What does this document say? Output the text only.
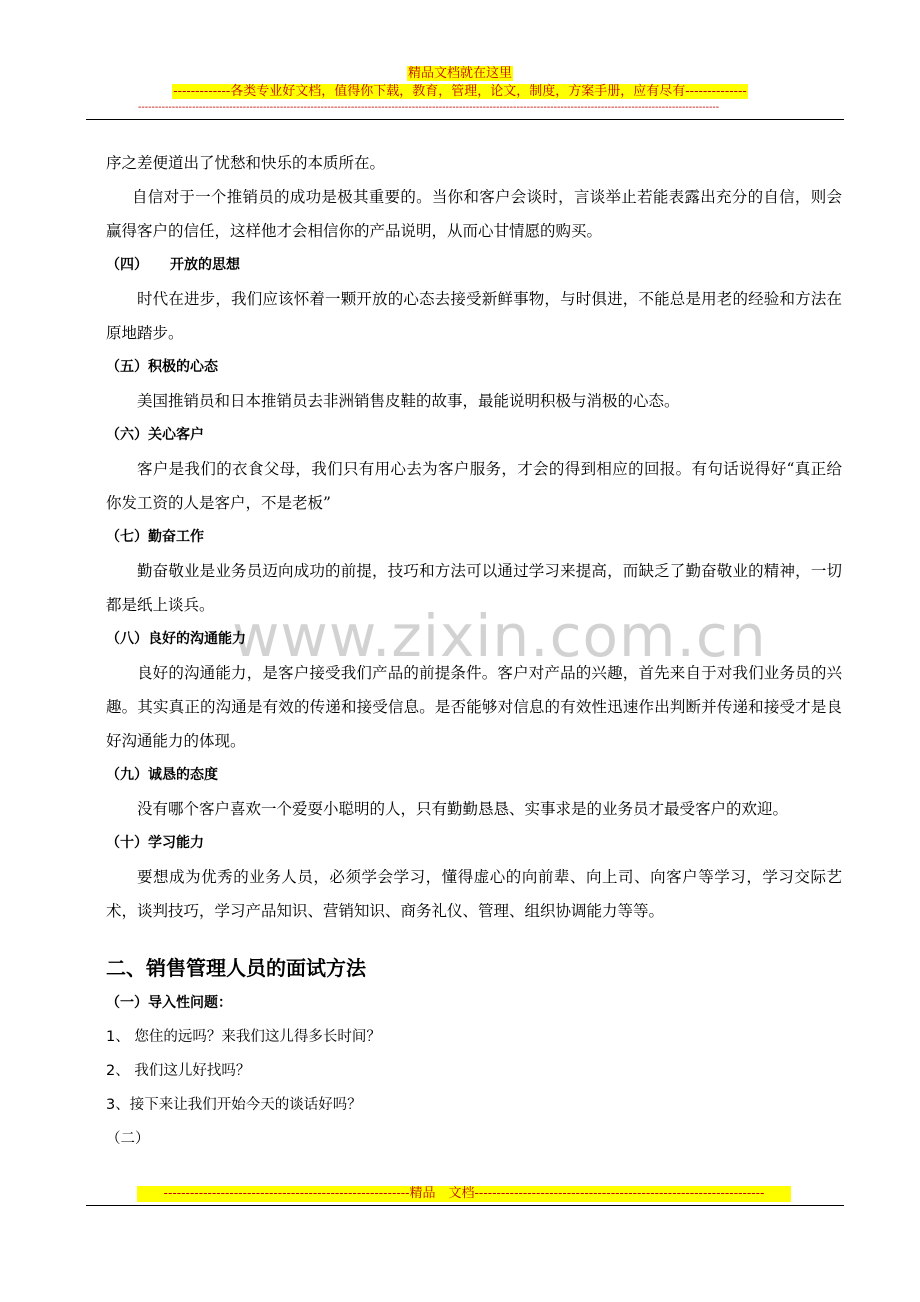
精品文档就在这里
-------------各类专业好文档，值得你下载，教育，管理，论文，制度，方案手册，应有尽有--------------
----------------------------------------------------------------------------------------------------------------------------------------------------------------------------
www.zixin.com.cn

序之差便道出了忧愁和快乐的本质所在。

自信对于一个推销员的成功是极其重要的。当你和客户会谈时，言谈举止若能表露出充分的自信，则会赢得客户的信任，这样他才会相信你的产品说明，从而心甘情愿的购买。

（四） 开放的思想

时代在进步，我们应该怀着一颗开放的心态去接受新鲜事物，与时俱进，不能总是用老的经验和方法在原地踏步。

（五）积极的心态

美国推销员和日本推销员去非洲销售皮鞋的故事，最能说明积极与消极的心态。

（六）关心客户

客户是我们的衣食父母，我们只有用心去为客户服务，才会的得到相应的回报。有句话说得好“真正给你发工资的人是客户，不是老板”

（七）勤奋工作

勤奋敬业是业务员迈向成功的前提，技巧和方法可以通过学习来提高，而缺乏了勤奋敬业的精神，一切都是纸上谈兵。

（八）良好的沟通能力

良好的沟通能力，是客户接受我们产品的前提条件。客户对产品的兴趣，首先来自于对我们业务员的兴趣。其实真正的沟通是有效的传递和接受信息。是否能够对信息的有效性迅速作出判断并传递和接受才是良好沟通能力的体现。

（九）诚恳的态度

没有哪个客户喜欢一个爱耍小聪明的人，只有勤勤恳恳、实事求是的业务员才最受客户的欢迎。

（十）学习能力

要想成为优秀的业务人员，必须学会学习，懂得虚心的向前辈、向上司、向客户等学习，学习交际艺术，谈判技巧，学习产品知识、营销知识、商务礼仪、管理、组织协调能力等等。

二、销售管理人员的面试方法

（一）导入性问题：

1、 您住的远吗？来我们这儿得多长时间？

2、 我们这儿好找吗？

3、接下来让我们开始今天的谈话好吗？

（二）

--------------------------------------------------------精品　文档------------------------------------------------------------------
